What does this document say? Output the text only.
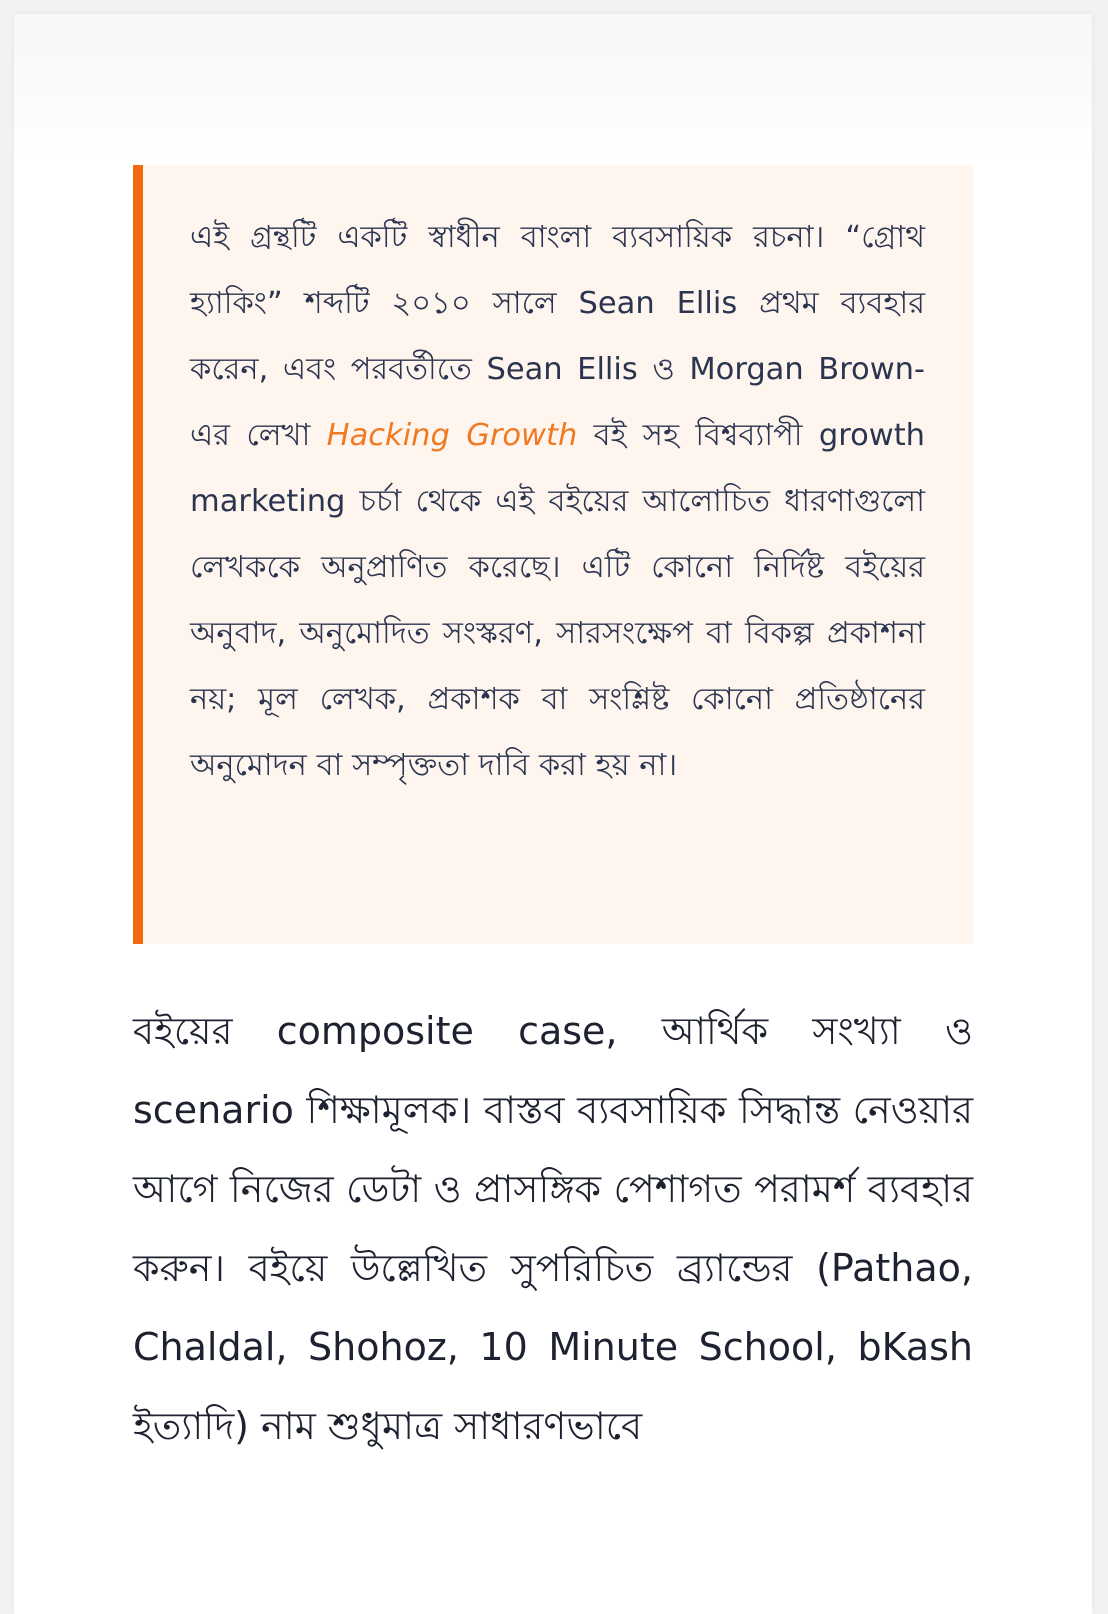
এই গ্রন্থটি একটি স্বাধীন বাংলা ব্যবসায়িক রচনা। “গ্রোথ হ্যাকিং” শব্দটি ২০১০ সালে Sean Ellis প্রথম ব্যবহার করেন, এবং পরবর্তীতে Sean Ellis ও Morgan Brown-এর লেখা Hacking Growth বই সহ বিশ্বব্যাপী growth marketing চর্চা থেকে এই বইয়ের আলোচিত ধারণাগুলো লেখককে অনুপ্রাণিত করেছে। এটি কোনো নির্দিষ্ট বইয়ের অনুবাদ, অনুমোদিত সংস্করণ, সারসংক্ষেপ বা বিকল্প প্রকাশনা নয়; মূল লেখক, প্রকাশক বা সংশ্লিষ্ট কোনো প্রতিষ্ঠানের অনুমোদন বা সম্পৃক্ততা দাবি করা হয় না।

বইয়ের composite case, আর্থিক সংখ্যা ও scenario শিক্ষামূলক। বাস্তব ব্যবসায়িক সিদ্ধান্ত নেওয়ার আগে নিজের ডেটা ও প্রাসঙ্গিক পেশাগত পরামর্শ ব্যবহার করুন। বইয়ে উল্লেখিত সুপরিচিত ব্র্যান্ডের (Pathao, Chaldal, Shohoz, 10 Minute School, bKash ইত্যাদি) নাম শুধুমাত্র সাধারণভাবে
